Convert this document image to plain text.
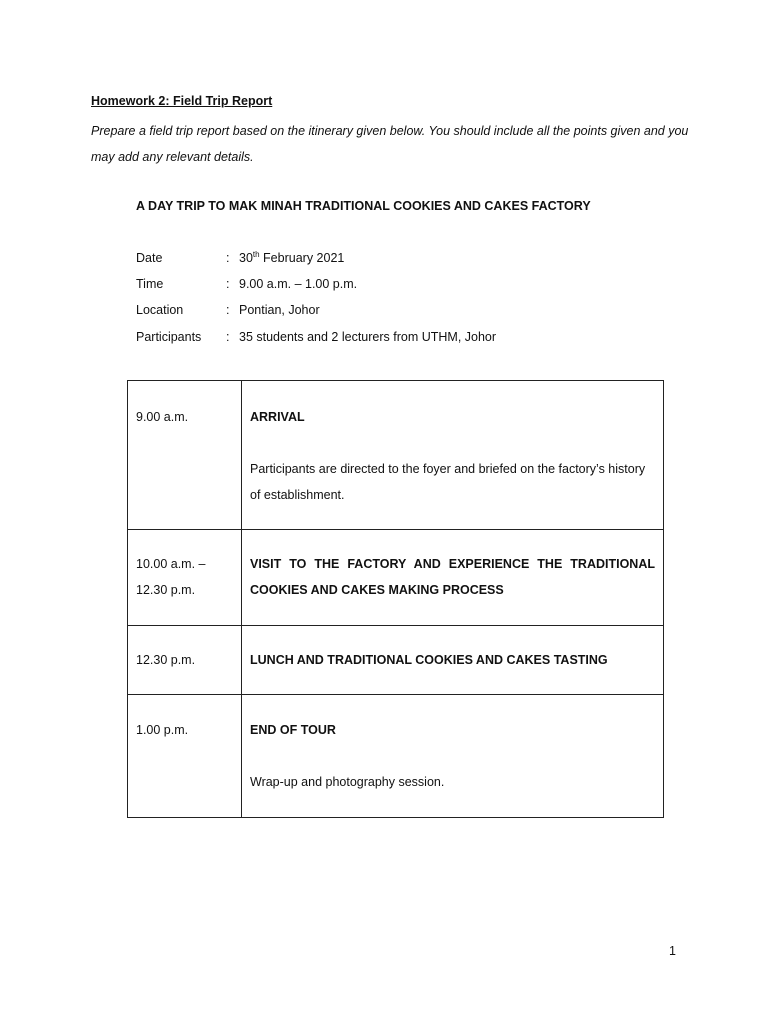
Homework 2: Field Trip Report
Prepare a field trip report based on the itinerary given below. You should include all the points given and you may add any relevant details.
A DAY TRIP TO MAK MINAH TRADITIONAL COOKIES AND CAKES FACTORY
Date	: 30th February 2021
Time	: 9.00 a.m. – 1.00 p.m.
Location	: Pontian, Johor
Participants	: 35 students and 2 lecturers from UTHM, Johor
9.00 a.m.	ARRIVAL
Participants are directed to the foyer and briefed on the factory’s history of establishment.

10.00 a.m. – 12.30 p.m.	VISIT TO THE FACTORY AND EXPERIENCE THE TRADITIONAL COOKIES AND CAKES MAKING PROCESS

12.30 p.m.	LUNCH AND TRADITIONAL COOKIES AND CAKES TASTING

1.00 p.m.	END OF TOUR
Wrap-up and photography session.
1
